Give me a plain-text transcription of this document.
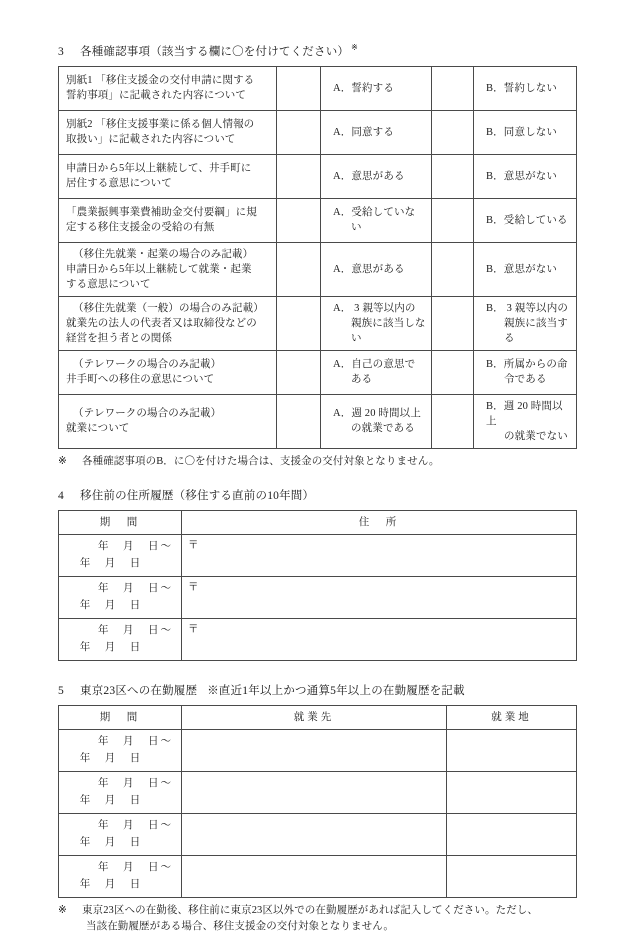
3 各種確認事項（該当する欄に〇を付けてください） ※
別紙1 「移住支援金の交付申請に関する
誓約事項」に記載された内容について		A．誓約する		B．誓約しない
別紙2 「移住支援事業に係る個人情報の
取扱い」に記載された内容について		A．同意する		B．同意しない
申請日から5年以上継続して、井手町に
居住する意思について		A．意思がある		B．意思がない
「農業振興事業費補助金交付要綱」に規
定する移住支援金の受給の有無		A．受給していな
い		B．受給している

（移住先就業・起業の場合のみ記載）
申請日から5年以上継続して就業・起業
する意思について		A．意思がある		B．意思がない

（移住先就業（一般）の場合のみ記載）
就業先の法人の代表者又は取締役などの
経営を担う者との関係		A． 3 親等以内の
親族に該当しな
い		B． 3 親等以内の
親族に該当する

（テレワークの場合のみ記載）
井手町への移住の意思について		A．自己の意思で
ある		B．所属からの命
令である

（テレワークの場合のみ記載）
就業について		A．週 20 時間以上
の就業である		B．週 20 時間以上
の就業でない
※ 各種確認事項のB．に〇を付けた場合は、支援金の交付対象となりません。
4 移住前の住所履歴（移住する直前の10年間）
期　間	住　所

年　月　日～
年　月　日	〒

年　月　日～
年　月　日	〒

年　月　日～
年　月　日	〒
5 東京23区への在勤履歴 ※直近1年以上かつ通算5年以上の在勤履歴を記載
期　間	就業先	就業地

年　月　日～
年　月　日		

年　月　日～
年　月　日		

年　月　日～
年　月　日		

年　月　日～
年　月　日		

※ 東京23区への在勤後、移住前に東京23区以外での在勤履歴があれば記入してください。ただし、
当該在勤履歴がある場合、移住支援金の交付対象となりません。
